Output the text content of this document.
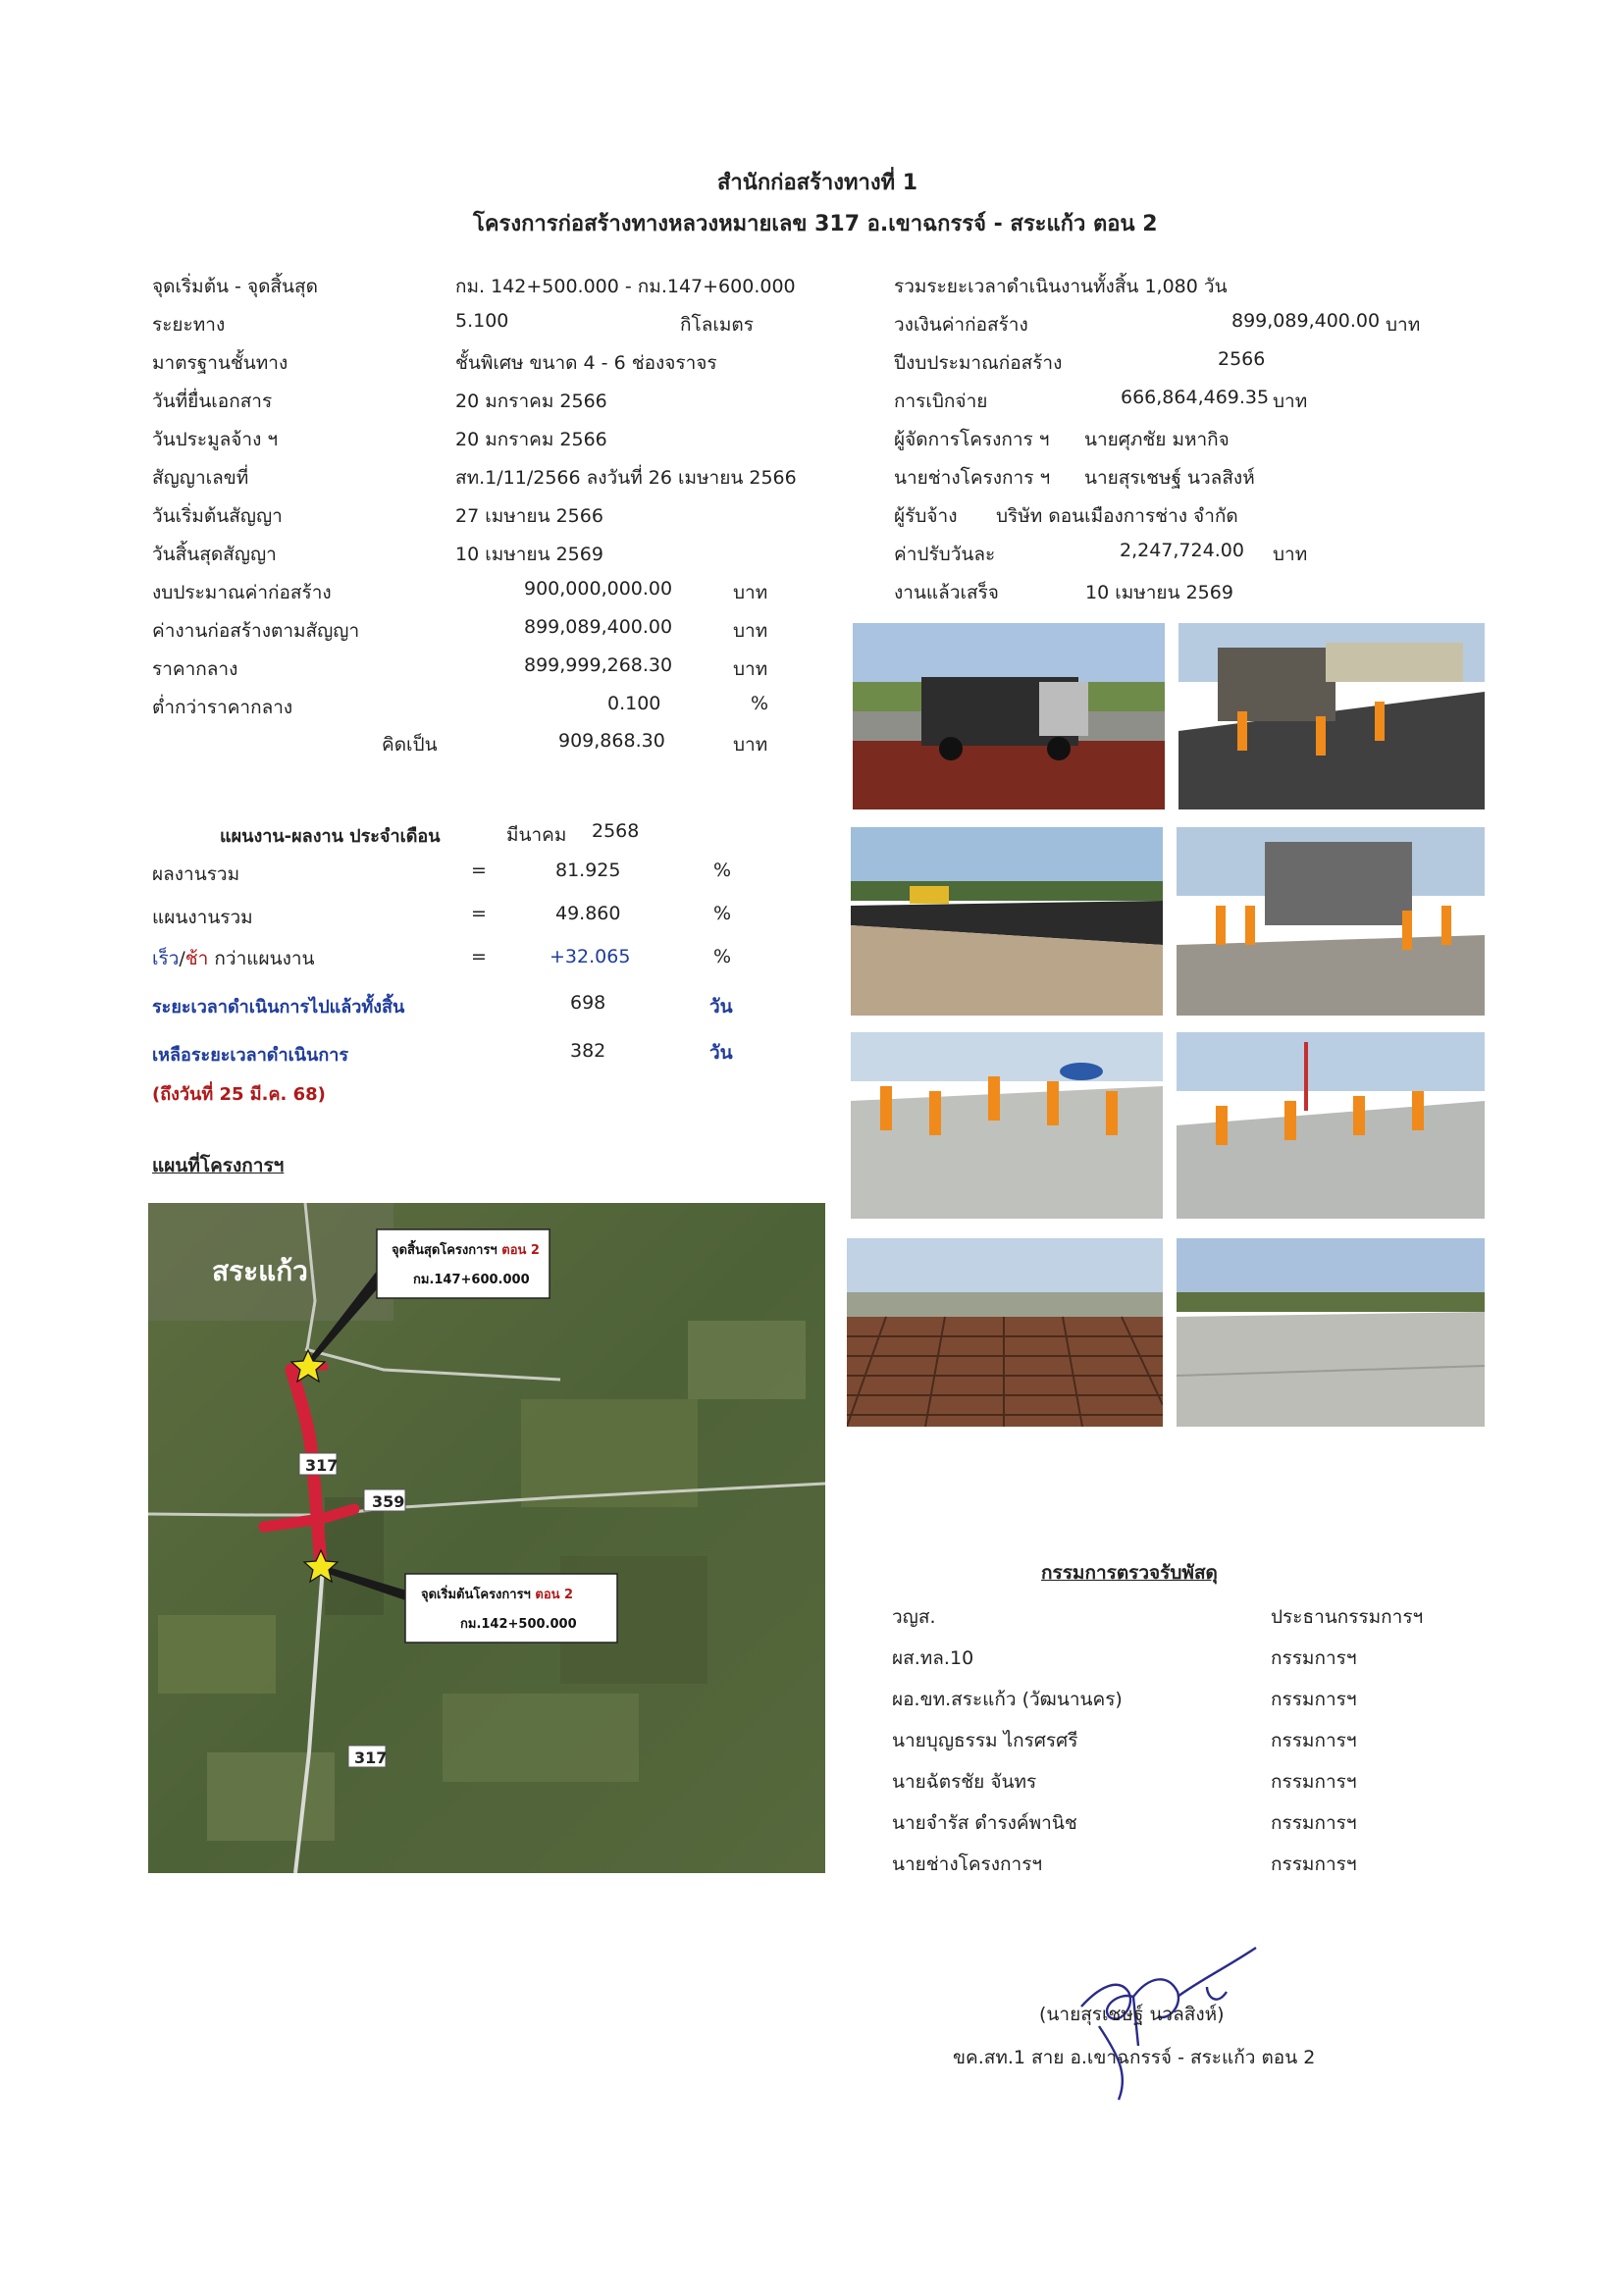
สำนักก่อสร้างทางที่ 1
โครงการก่อสร้างทางหลวงหมายเลข 317 อ.เขาฉกรรจ์ - สระแก้ว ตอน 2
จุดเริ่มต้น - จุดสิ้นสุด	กม. 142+500.000 - กม.147+600.000
ระยะทาง	5.100	กิโลเมตร
มาตรฐานชั้นทาง	ชั้นพิเศษ ขนาด 4 - 6 ช่องจราจร
วันที่ยื่นเอกสาร	20 มกราคม 2566
วันประมูลจ้าง ฯ	20 มกราคม 2566
สัญญาเลขที่	สท.1/11/2566 ลงวันที่ 26 เมษายน 2566
วันเริ่มต้นสัญญา	27 เมษายน 2566
วันสิ้นสุดสัญญา	10 เมษายน 2569
งบประมาณค่าก่อสร้าง	900,000,000.00	บาท
ค่างานก่อสร้างตามสัญญา	899,089,400.00	บาท
ราคากลาง	899,999,268.30	บาท
ต่ำกว่าราคากลาง	0.100	%
คิดเป็น	909,868.30	บาท
รวมระยะเวลาดำเนินงานทั้งสิ้น 1,080 วัน
วงเงินค่าก่อสร้าง	899,089,400.00 บาท
ปีงบประมาณก่อสร้าง	2566
การเบิกจ่าย	666,864,469.35 บาท
ผู้จัดการโครงการ ฯ นายศุภชัย มหากิจ
นายช่างโครงการ ฯ นายสุรเชษฐ์ นวลสิงห์
ผู้รับจ้าง บริษัท ดอนเมืองการช่าง จำกัด
ค่าปรับวันละ	2,247,724.00 บาท
งานแล้วเสร็จ	10 เมษายน 2569
แผนงาน-ผลงาน ประจำเดือน	มีนาคม 2568
ผลงานรวม	=	81.925	%
แผนงานรวม	=	49.860	%
เร็ว/ช้า กว่าแผนงาน	=	+32.065	%
ระยะเวลาดำเนินการไปแล้วทั้งสิ้น	698	วัน
เหลือระยะเวลาดำเนินการ	382	วัน
(ถึงวันที่ 25 มี.ค. 68)
แผนที่โครงการฯ
สระแก้ว
317
359
317
จุดสิ้นสุดโครงการฯ ตอน 2
กม.147+600.000
จุดเริ่มต้นโครงการฯ ตอน 2
กม.142+500.000
กรรมการตรวจรับพัสดุ
วญส.	ประธานกรรมการฯ
ผส.ทล.10	กรรมการฯ
ผอ.ขท.สระแก้ว (วัฒนานคร)	กรรมการฯ
นายบุญธรรม ไกรศรศรี	กรรมการฯ
นายฉัตรชัย จันทร	กรรมการฯ
นายจำรัส ดำรงค์พานิช	กรรมการฯ
นายช่างโครงการฯ	กรรมการฯ
(นายสุรเชษฐ์ นวลสิงห์)
ขค.สท.1 สาย อ.เขาฉกรรจ์ - สระแก้ว ตอน 2
